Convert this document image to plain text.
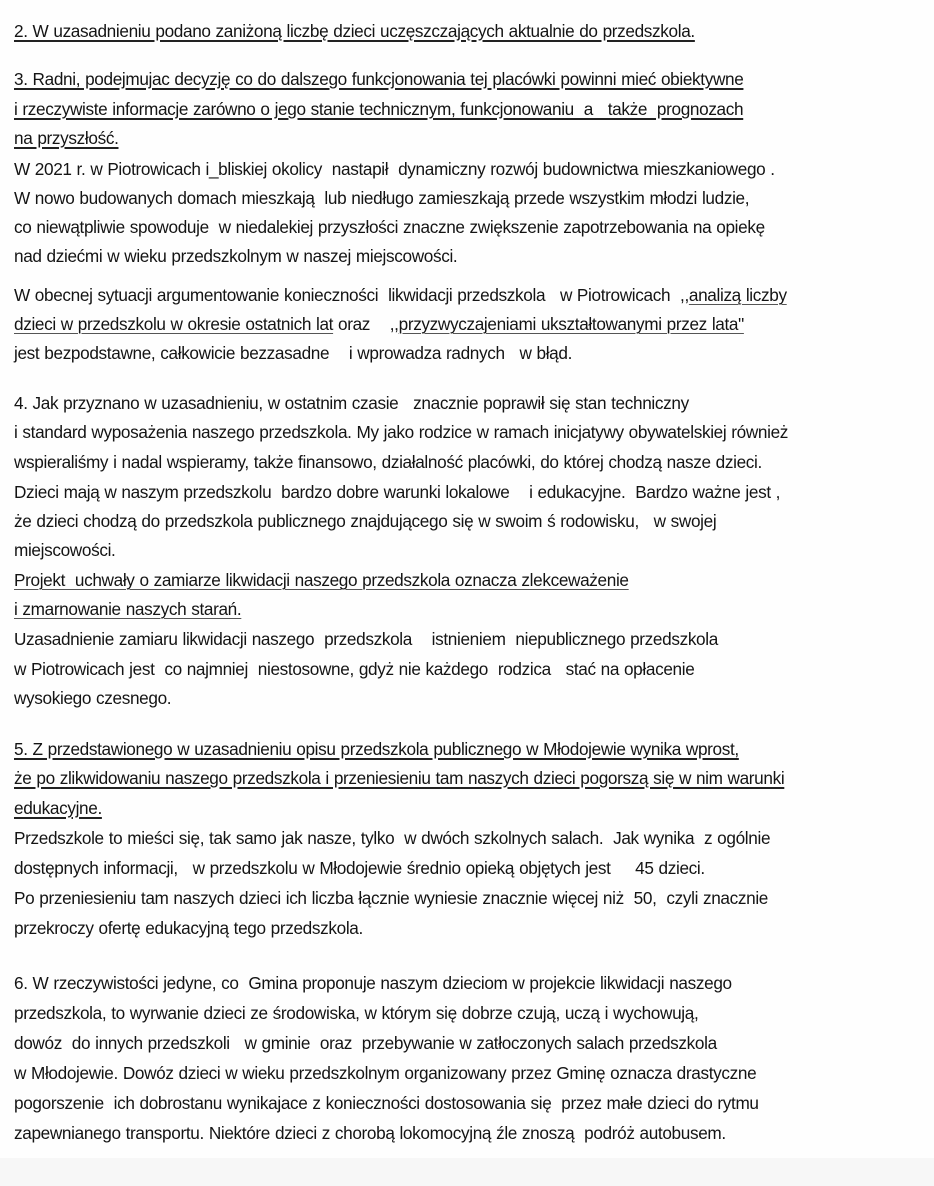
2. W uzasadnieniu podano zaniżoną liczbę dzieci uczęszczających aktualnie do przedszkola.
3. Radni, podejmujac decyzję co do dalszego funkcjonowania tej placówki powinni mieć obiektywne
i rzeczywiste informacje zarówno o jego stanie technicznym, funkcjonowaniu  a   także  prognozach
na przyszłość.
W 2021 r. w Piotrowicach i_bliskiej okolicy  nastapił  dynamiczny rozwój budownictwa mieszkaniowego .
W nowo budowanych domach mieszkają  lub niedługo zamieszkają przede wszystkim młodzi ludzie,
co niewątpliwie spowoduje  w niedalekiej przyszłości znaczne zwiększenie zapotrzebowania na opiekę
nad dziećmi w wieku przedszkolnym w naszej miejscowości.
W obecnej sytuacji argumentowanie konieczności  likwidacji przedszkola   w Piotrowicach  ,,analizą liczby
dzieci w przedszkolu w okresie ostatnich lat oraz    ,,przyzwyczajeniami ukształtowanymi przez lata"
jest bezpodstawne, całkowicie bezzasadne    i wprowadza radnych   w błąd.
4. Jak przyznano w uzasadnieniu, w ostatnim czasie   znacznie poprawił się stan techniczny
i standard wyposażenia naszego przedszkola. My jako rodzice w ramach inicjatywy obywatelskiej również
wspieraliśmy i nadal wspieramy, także finansowo, działalność placówki, do której chodzą nasze dzieci.
Dzieci mają w naszym przedszkolu  bardzo dobre warunki lokalowe    i edukacyjne.  Bardzo ważne jest ,
że dzieci chodzą do przedszkola publicznego znajdującego się w swoim ś rodowisku,   w swojej
miejscowości.
Projekt  uchwały o zamiarze likwidacji naszego przedszkola oznacza zlekceważenie
i zmarnowanie naszych starań.
Uzasadnienie zamiaru likwidacji naszego  przedszkola    istnieniem  niepublicznego przedszkola
w Piotrowicach jest  co najmniej  niestosowne, gdyż nie każdego  rodzica   stać na opłacenie
wysokiego czesnego.
5. Z przedstawionego w uzasadnieniu opisu przedszkola publicznego w Młodojewie wynika wprost,
że po zlikwidowaniu naszego przedszkola i przeniesieniu tam naszych dzieci pogorszą się w nim warunki
edukacyjne.
Przedszkole to mieści się, tak samo jak nasze, tylko  w dwóch szkolnych salach.  Jak wynika  z ogólnie
dostępnych informacji,   w przedszkolu w Młodojewie średnio opieką objętych jest     45 dzieci.
Po przeniesieniu tam naszych dzieci ich liczba łącznie wyniesie znacznie więcej niż  50,  czyli znacznie
przekroczy ofertę edukacyjną tego przedszkola.
6. W rzeczywistości jedyne, co  Gmina proponuje naszym dzieciom w projekcie likwidacji naszego
przedszkola, to wyrwanie dzieci ze środowiska, w którym się dobrze czują, uczą i wychowują,
dowóz  do innych przedszkoli   w gminie  oraz  przebywanie w zatłoczonych salach przedszkola
w Młodojewie. Dowóz dzieci w wieku przedszkolnym organizowany przez Gminę oznacza drastyczne
pogorszenie  ich dobrostanu wynikajace z konieczności dostosowania się  przez małe dzieci do rytmu
zapewnianego transportu. Niektóre dzieci z chorobą lokomocyjną źle znoszą  podróż autobusem.
